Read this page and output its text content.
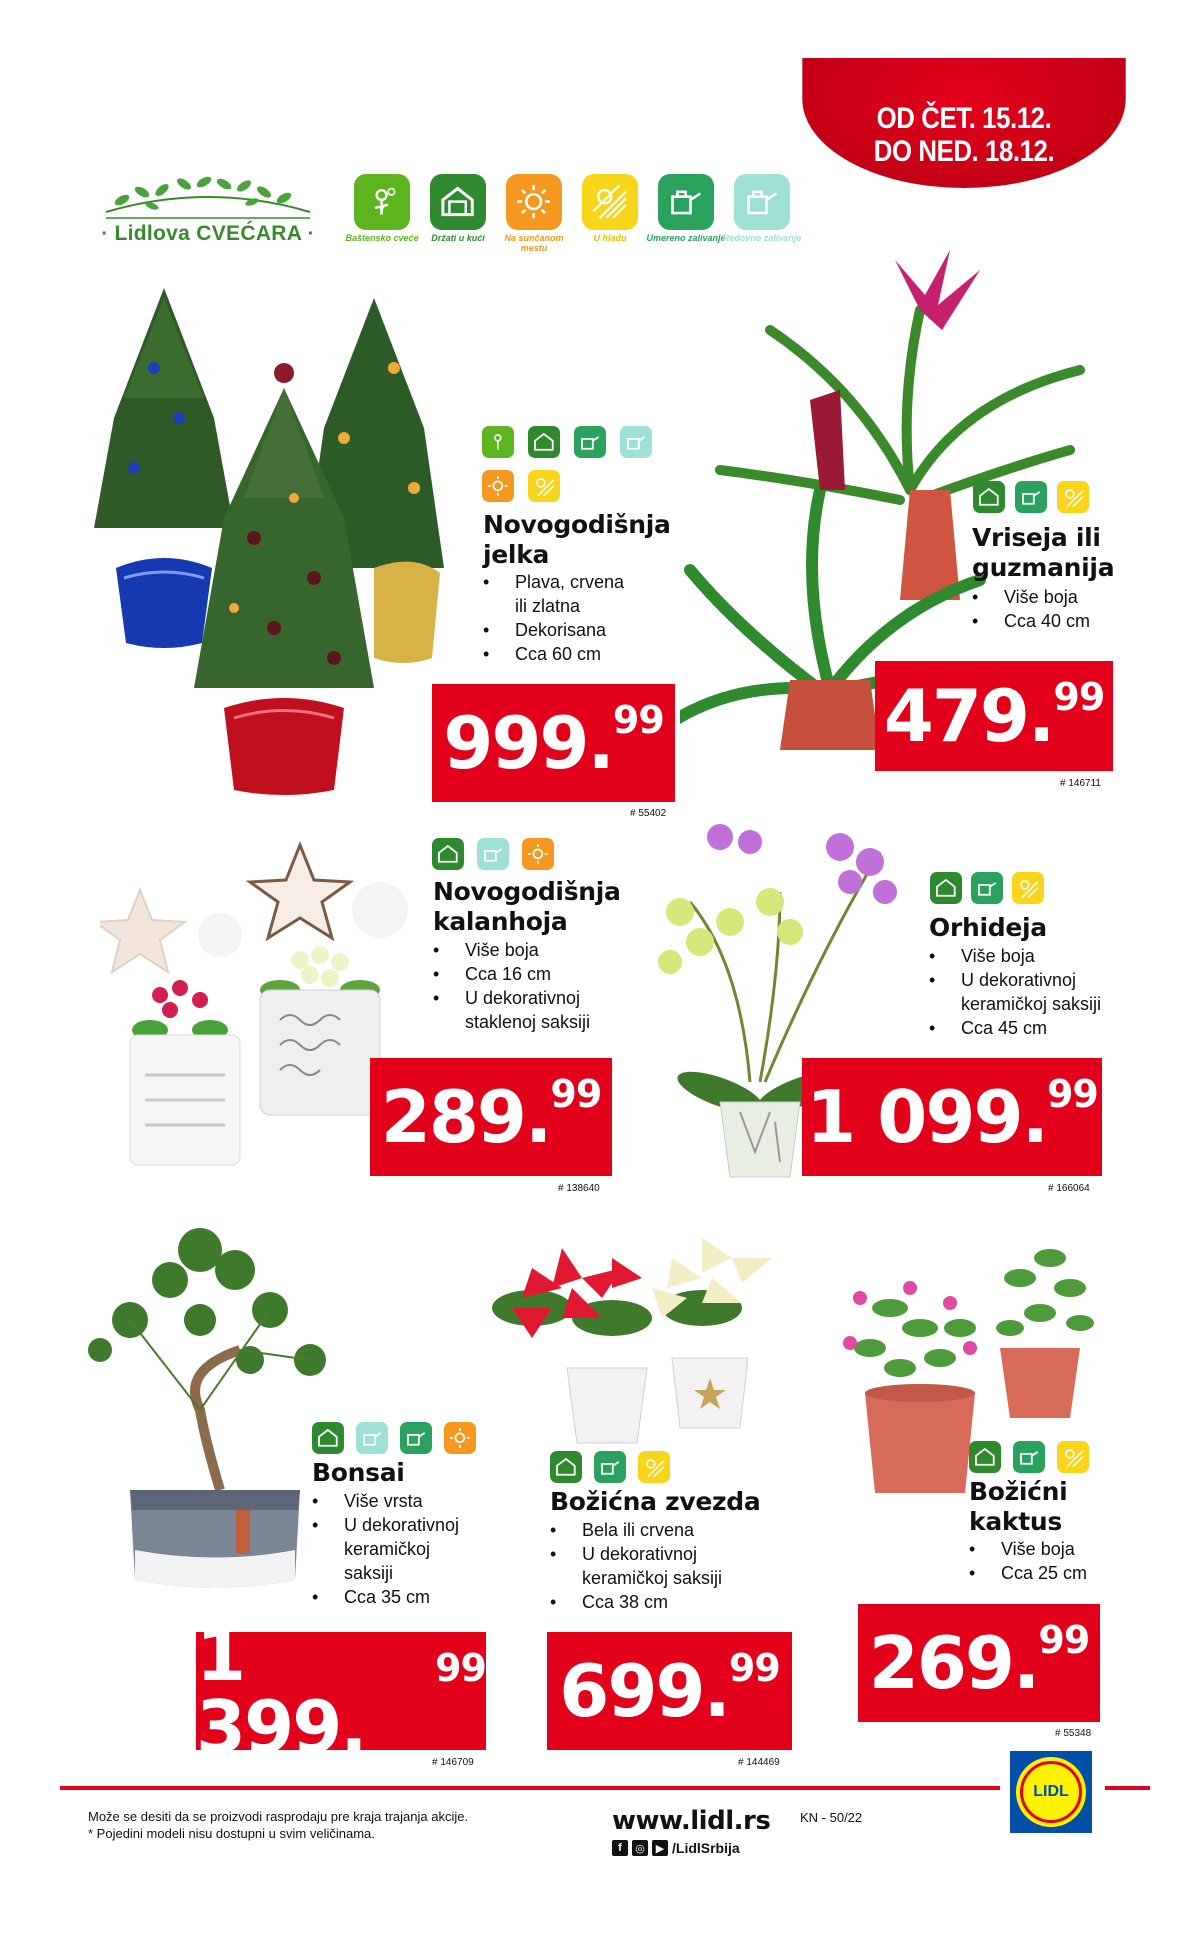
OD ČET. 15.12.
DO NED. 18.12.
· Lidlova CVEĆARA ·	Baštensko cveće	Držati u kući	Na sunčanom mestu
U hladu	Umereno zalivanje
Redovno zalivanje
Novogodišnja
jelka
• Plava, crvena
ili zlatna
• Dekorisana
• Cca 60 cm
999. 99
# 55402
Vriseja ili
guzmanija
• Više boja
• Cca 40 cm
479. 99
# 146711
Novogodišnja
kalanhoja
• Više boja
• Cca 16 cm
• U dekorativnoj
staklenoj saksiji
289. 99
# 138640
Orhideja
• Više boja
• U dekorativnoj
keramičkoj saksiji
• Cca 45 cm
1 099. 99
# 166064
Bonsai
• Više vrsta
• U dekorativnoj
keramičkoj
saksiji
• Cca 35 cm
1 399.
99
# 146709
Božićna zvezda
• Bela ili crvena
• U dekorativnoj
keramičkoj saksiji
• Cca 38 cm
699. 99
# 144469
Božićni
kaktus
• Više boja
• Cca 25 cm
269. 99
# 55348
Može se desiti da se proizvodi rasprodaju pre kraja trajanja akcije.
* Pojedini modeli nisu dostupni u svim veličinama.	www.lidl.rs
f	◎ ▶ /LidlSrbija
KN - 50/22
LIDL
